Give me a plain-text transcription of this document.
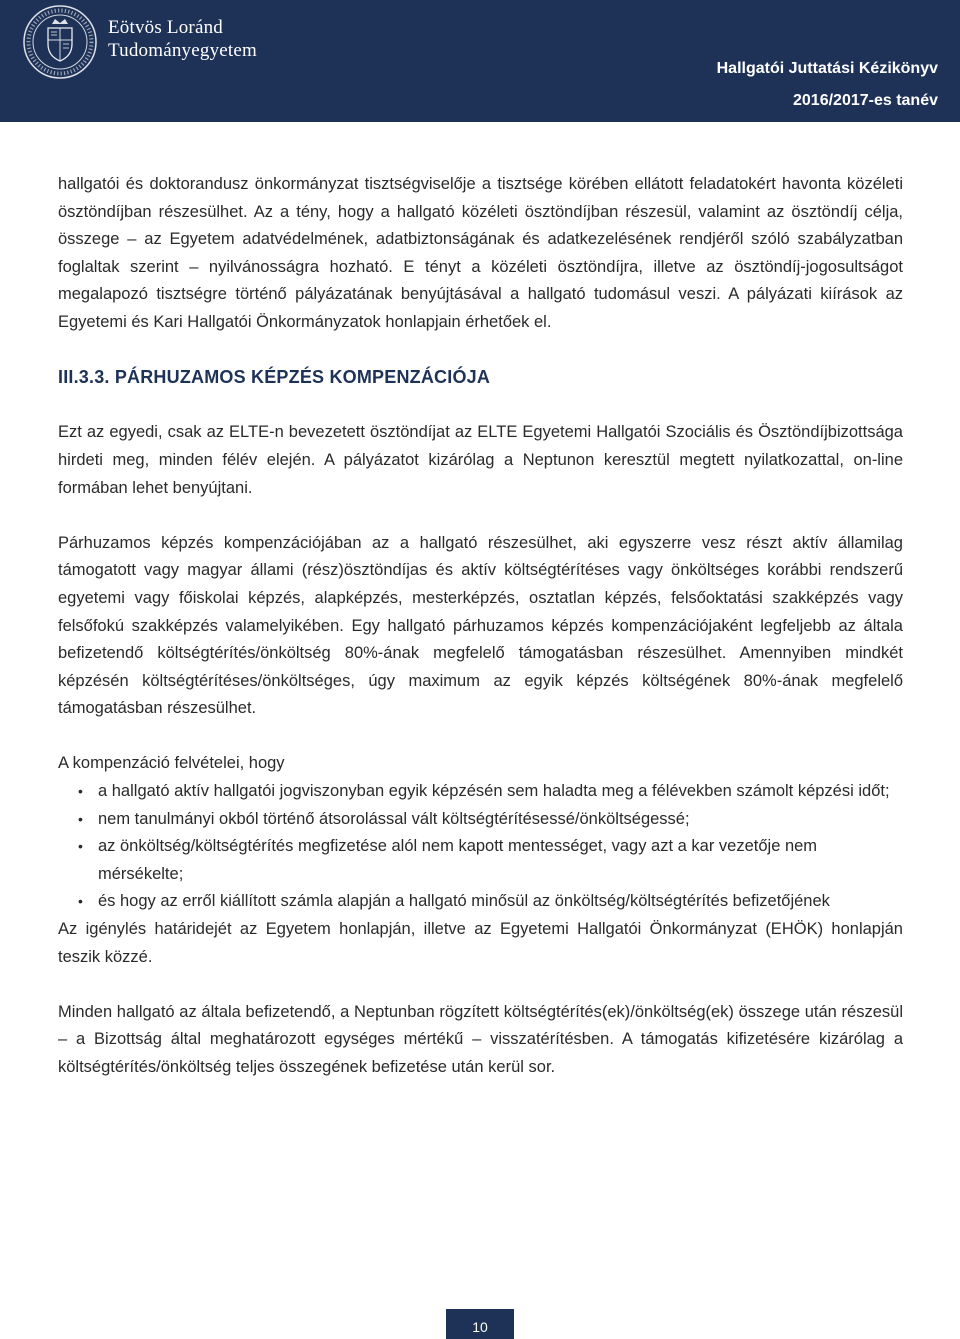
Eötvös Loránd
Tudományegyetem
Hallgatói Juttatási Kézikönyv
2016/2017-es tanév

hallgatói és doktorandusz önkormányzat tisztségviselője a tisztsége körében ellátott feladatokért havonta közéleti ösztöndíjban részesülhet. Az a tény, hogy a hallgató közéleti ösztöndíjban részesül, valamint az ösztöndíj célja, összege – az Egyetem adatvédelmének, adatbiztonságának és adatkezelésének rendjéről szóló szabályzatban foglaltak szerint – nyilvánosságra hozható. E tényt a közéleti ösztöndíjra, illetve az ösztöndíj-jogosultságot megalapozó tisztségre történő pályázatának benyújtásával a hallgató tudomásul veszi. A pályázati kiírások az Egyetemi és Kari Hallgatói Önkormányzatok honlapjain érhetőek el.

III.3.3. PÁRHUZAMOS KÉPZÉS KOMPENZÁCIÓJA

Ezt az egyedi, csak az ELTE-n bevezetett ösztöndíjat az ELTE Egyetemi Hallgatói Szociális és Ösztöndíjbizottsága hirdeti meg, minden félév elején. A pályázatot kizárólag a Neptunon keresztül megtett nyilatkozattal, on-line formában lehet benyújtani.

Párhuzamos képzés kompenzációjában az a hallgató részesülhet, aki egyszerre vesz részt aktív államilag támogatott vagy magyar állami (rész)ösztöndíjas és aktív költségtérítéses vagy önköltséges korábbi rendszerű egyetemi vagy főiskolai képzés, alapképzés, mesterképzés, osztatlan képzés, felsőoktatási szakképzés vagy felsőfokú szakképzés valamelyikében. Egy hallgató párhuzamos képzés kompenzációjaként legfeljebb az általa befizetendő költségtérítés/önköltség 80%-ának megfelelő támogatásban részesülhet. Amennyiben mindkét képzésén költségtérítéses/önköltséges, úgy maximum az egyik képzés költségének 80%-ának megfelelő támogatásban részesülhet.

A kompenzáció felvételei, hogy

• a hallgató aktív hallgatói jogviszonyban egyik képzésén sem haladta meg a félévekben számolt képzési időt;
• nem tanulmányi okból történő átsorolással vált költségtérítésessé/önköltségessé;
• az önköltség/költségtérítés megfizetése alól nem kapott mentességet, vagy azt a kar vezetője nem mérsékelte;
• és hogy az erről kiállított számla alapján a hallgató minősül az önköltség/költségtérítés befizetőjének

Az igénylés határidejét az Egyetem honlapján, illetve az Egyetemi Hallgatói Önkormányzat (EHÖK) honlapján teszik közzé.

Minden hallgató az általa befizetendő, a Neptunban rögzített költségtérítés(ek)/önköltség(ek) összege után részesül – a Bizottság által meghatározott egységes mértékű – visszatérítésben. A támogatás kifizetésére kizárólag a költségtérítés/önköltség teljes összegének befizetése után kerül sor.

10
